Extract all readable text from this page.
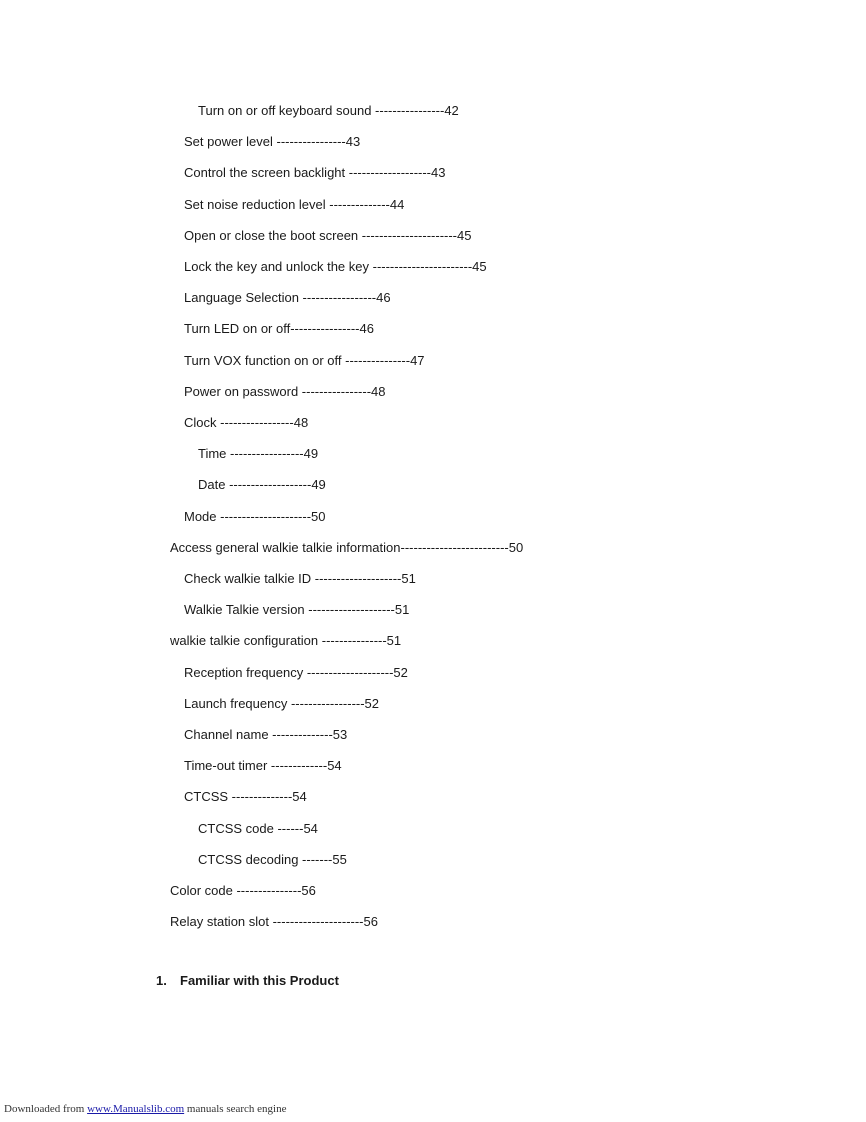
Turn on or off keyboard sound ----------------42
Set power level ----------------43
Control the screen backlight -------------------43
Set noise reduction level --------------44
Open or close the boot screen ----------------------45
Lock the key and unlock the key -----------------------45
Language Selection -----------------46
Turn LED on or off----------------46
Turn VOX function on or off ---------------47
Power on password ----------------48
Clock -----------------48
Time -----------------49
Date -------------------49
Mode ---------------------50
Access general walkie talkie information-------------------------50
Check walkie talkie ID --------------------51
Walkie Talkie version --------------------51
walkie talkie configuration ---------------51
Reception frequency --------------------52
Launch frequency -----------------52
Channel name --------------53
Time-out timer -------------54
CTCSS --------------54
CTCSS code ------54
CTCSS decoding -------55
Color code ---------------56
Relay station slot ---------------------56
1. Familiar with this Product
Downloaded from www.Manualslib.com manuals search engine
